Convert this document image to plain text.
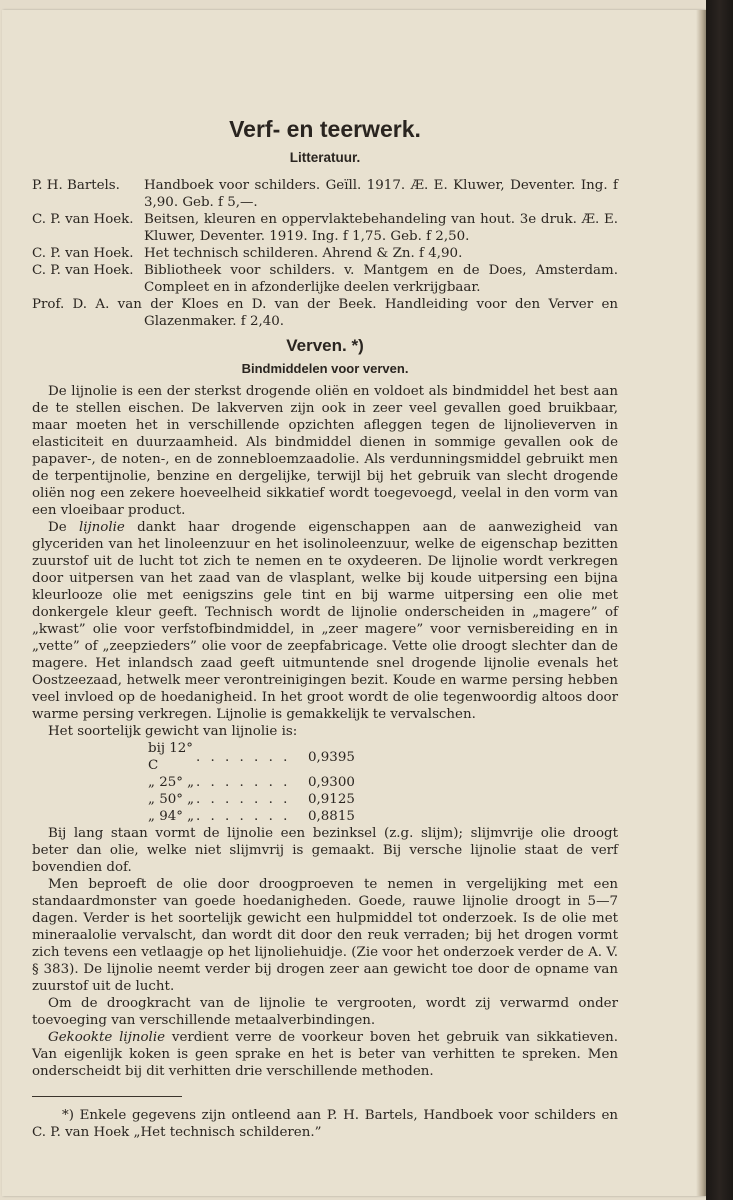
Verf- en teerwerk.
Litteratuur.
P. H. Bartels.	Handboek voor schilders. Geïll. 1917. Æ. E. Kluwer, Deventer. Ing. f 3,90. Geb. f 5,—.
C. P. van Hoek. Beitsen, kleuren en oppervlaktebehandeling van hout. 3e druk. Æ. E. Kluwer, Deventer. 1919. Ing. f 1,75. Geb. f 2,50.
C. P. van Hoek. Het technisch schilderen. Ahrend & Zn. f 4,90.
C. P. van Hoek. Bibliotheek voor schilders. v. Mantgem en de Does, Amsterdam. Compleet en in afzonderlijke deelen verkrijgbaar.
Prof. D. A. van der Kloes en D. van der Beek. Handleiding voor den Verver en Glazenmaker. f 2,40.
Verven. *)
Bindmiddelen voor verven.

De lijnolie is een der sterkst drogende oliën en voldoet als bindmiddel het best aan de te stellen eischen. De lakverven zijn ook in zeer veel gevallen goed bruikbaar, maar moeten het in verschillende opzichten afleggen tegen de lijnolieverven in elasticiteit en duurzaamheid. Als bindmiddel dienen in sommige gevallen ook de papaver-, de noten-, en de zonnebloemzaadolie. Als verdunningsmiddel gebruikt men de terpentijnolie, benzine en dergelijke, terwijl bij het gebruik van slecht drogende oliën nog een zekere hoeveelheid sikkatief wordt toegevoegd, veelal in den vorm van een vloeibaar product.

De lijnolie dankt haar drogende eigenschappen aan de aanwezigheid van glyceriden van het linoleenzuur en het isolinoleenzuur, welke de eigenschap bezitten zuurstof uit de lucht tot zich te nemen en te oxydeeren. De lijnolie wordt verkregen door uitpersen van het zaad van de vlasplant, welke bij koude uitpersing een bijna kleurlooze olie met eenigszins gele tint en bij warme uitpersing een olie met donkergele kleur geeft. Technisch wordt de lijnolie onderscheiden in „magere” of „kwast” olie voor verfstofbindmiddel, in „zeer magere” voor vernisbereiding en in „vette” of „zeepzieders” olie voor de zeepfabricage. Vette olie droogt slechter dan de magere. Het inlandsch zaad geeft uitmuntende snel drogende lijnolie evenals het Oostzeezaad, hetwelk meer verontreinigingen bezit. Koude en warme persing hebben veel invloed op de hoedanigheid. In het groot wordt de olie tegenwoordig altoos door warme persing verkregen. Lijnolie is gemakkelijk te vervalschen.

Het soortelijk gewicht van lijnolie is:
bij 12° C	. . . . . . .	0,9395
„ 25° „	. . . . . . .	0,9300
„ 50° „	. . . . . . .	0,9125
„ 94° „	. . . . . . .	0,8815

Bij lang staan vormt de lijnolie een bezinksel (z.g. slijm); slijmvrije olie droogt beter dan olie, welke niet slijmvrij is gemaakt. Bij versche lijnolie staat de verf bovendien dof.

Men beproeft de olie door droogproeven te nemen in vergelijking met een standaardmonster van goede hoedanigheden. Goede, rauwe lijnolie droogt in 5—7 dagen. Verder is het soortelijk gewicht een hulpmiddel tot onderzoek. Is de olie met mineraalolie vervalscht, dan wordt dit door den reuk verraden; bij het drogen vormt zich tevens een vetlaagje op het lijnoliehuidje. (Zie voor het onderzoek verder de A. V. § 383). De lijnolie neemt verder bij drogen zeer aan gewicht toe door de opname van zuurstof uit de lucht.

Om de droogkracht van de lijnolie te vergrooten, wordt zij verwarmd onder toevoeging van verschillende metaalverbindingen.

Gekookte lijnolie verdient verre de voorkeur boven het gebruik van sikkatieven. Van eigenlijk koken is geen sprake en het is beter van verhitten te spreken. Men onderscheidt bij dit verhitten drie verschillende methoden.

*) Enkele gegevens zijn ontleend aan P. H. Bartels, Handboek voor schilders en C. P. van Hoek „Het technisch schilderen.”
